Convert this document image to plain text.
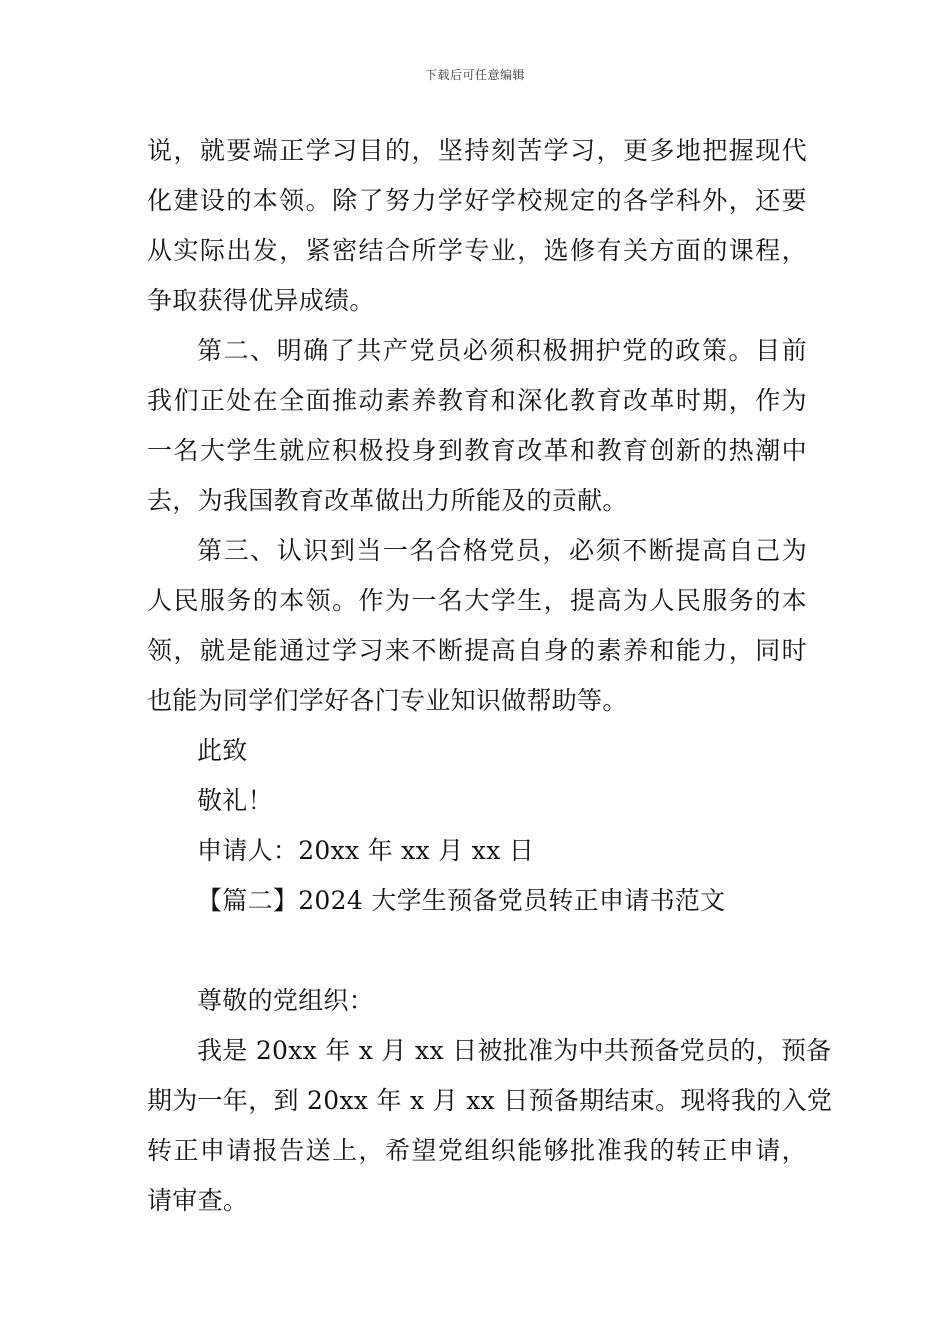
下载后可任意编辑
说，就要端正学习目的，坚持刻苦学习，更多地把握现代
化建设的本领。除了努力学好学校规定的各学科外，还要
从实际出发，紧密结合所学专业，选修有关方面的课程，
争取获得优异成绩。
第二、明确了共产党员必须积极拥护党的政策。目前
我们正处在全面推动素养教育和深化教育改革时期，作为
一名大学生就应积极投身到教育改革和教育创新的热潮中
去，为我国教育改革做出力所能及的贡献。
第三、认识到当一名合格党员，必须不断提高自己为
人民服务的本领。作为一名大学生，提高为人民服务的本
领，就是能通过学习来不断提高自身的素养和能力，同时
也能为同学们学好各门专业知识做帮助等。
此致
敬礼！
申请人：20xx 年 xx 月 xx 日
【篇二】2024 大学生预备党员转正申请书范文
尊敬的党组织：
我是 20xx 年 x 月 xx 日被批准为中共预备党员的，预备
期为一年，到 20xx 年 x 月 xx 日预备期结束。现将我的入党
转正申请报告送上，希望党组织能够批准我的转正申请，
请审查。
